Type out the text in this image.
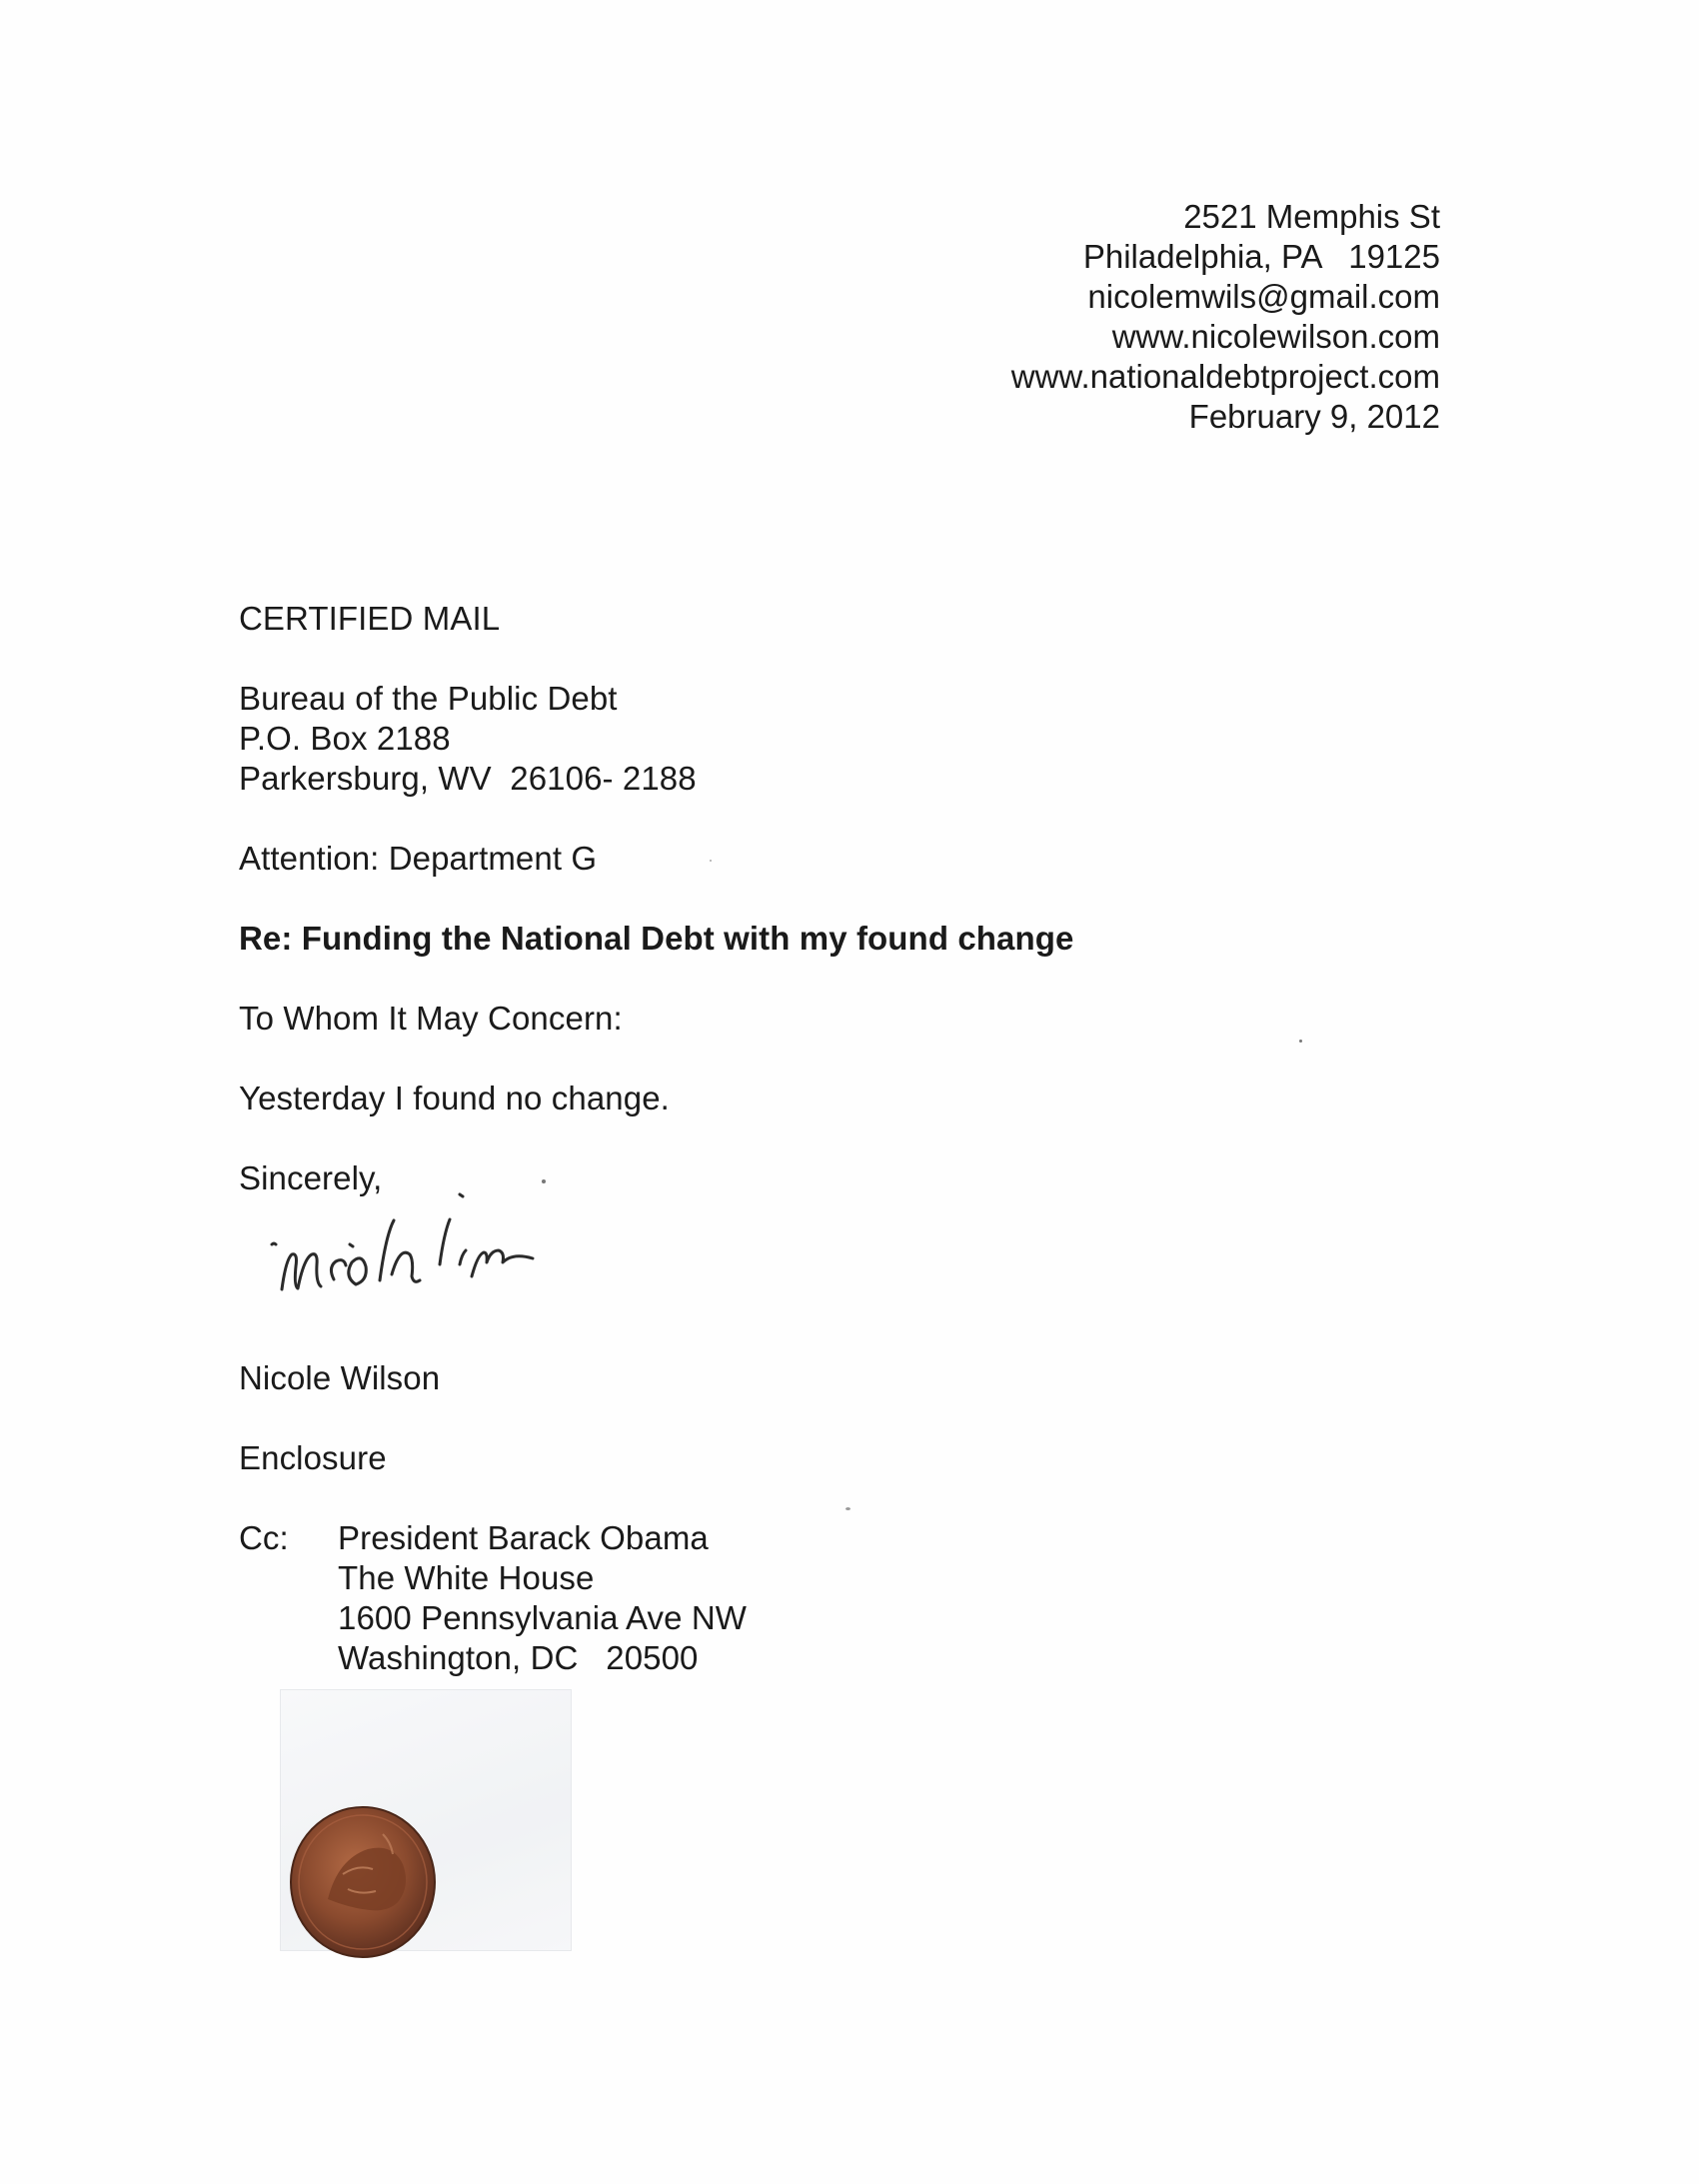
2521 Memphis St
Philadelphia, PA   19125
nicolemwils@gmail.com
www.nicolewilson.com
www.nationaldebtproject.com
February 9, 2012
CERTIFIED MAIL
Bureau of the Public Debt
P.O. Box 2188
Parkersburg, WV  26106- 2188
Attention: Department G
Re: Funding the National Debt with my found change
To Whom It May Concern:
Yesterday I found no change.
Sincerely,
Nicole Wilson
Enclosure
Cc: President Barack Obama
The White House
1600 Pennsylvania Ave NW
Washington, DC   20500
